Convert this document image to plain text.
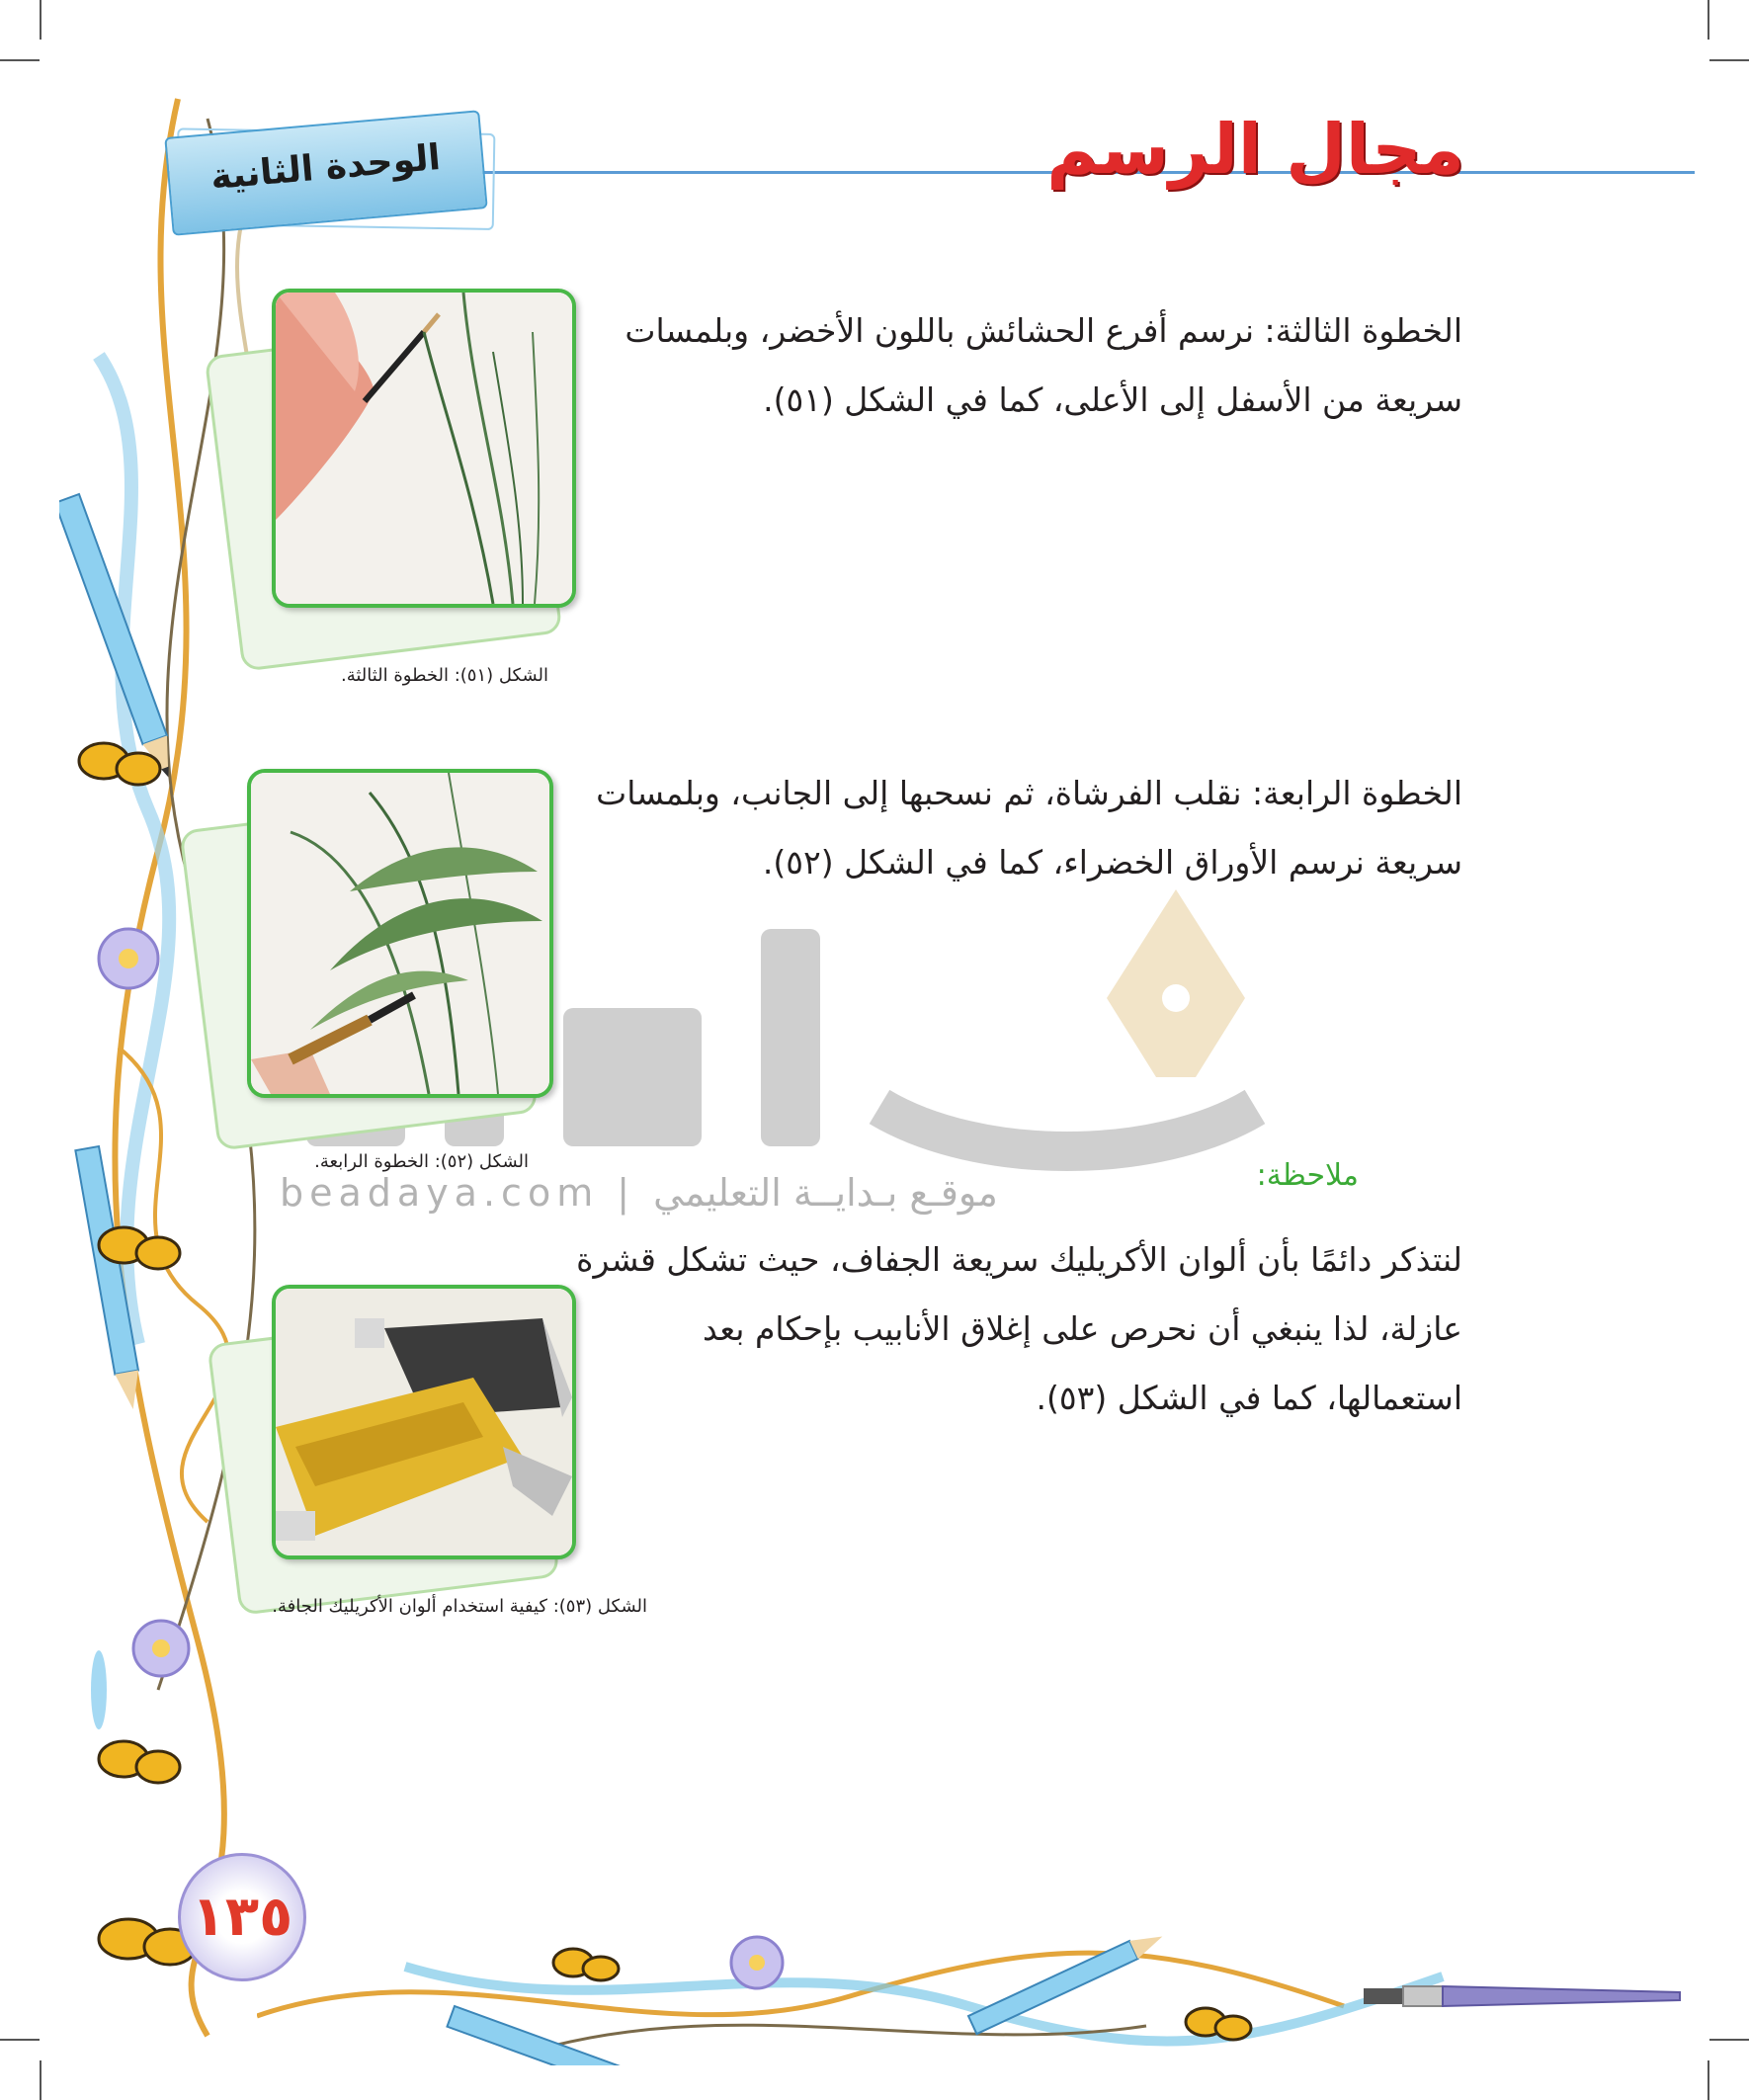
الوحدة الثانية	مجال الرسم
beadaya.com | موقـع بـدايــة التعليمي
الخطوة الثالثة: نرسم أفرع الحشائش باللون الأخضر، وبلمسات سريعة من الأسفل إلى الأعلى، كما في الشكل (٥١).
الشكل (٥١): الخطوة الثالثة.
الخطوة الرابعة: نقلب الفرشاة، ثم نسحبها إلى الجانب، وبلمسات سريعة نرسم الأوراق الخضراء، كما في الشكل (٥٢).
الشكل (٥٢): الخطوة الرابعة.	ملاحظة:
لنتذكر دائمًا بأن ألوان الأكريليك سريعة الجفاف، حيث تشكل قشرة عازلة، لذا ينبغي أن نحرص على إغلاق الأنابيب بإحكام بعد استعمالها، كما في الشكل (٥٣).
الشكل (٥٣): كيفية استخدام ألوان الأكريليك الجافة.
١٣٥
